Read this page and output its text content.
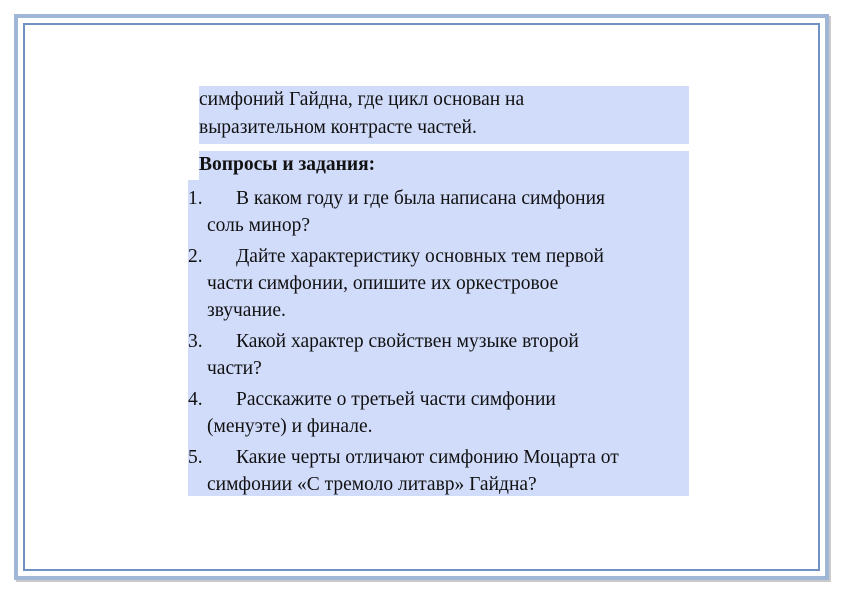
симфоний Гайдна, где цикл основан на
выразительном контрасте частей.
Вопросы и задания:
1. В каком году и где была написана симфония
соль минор?
2. Дайте характеристику основных тем первой
части симфонии, опишите их оркестровое
звучание.
3. Какой характер свойствен музыке второй
части?
4. Расскажите о третьей части симфонии
(менуэте) и финале.
5. Какие черты отличают симфонию Моцарта от
симфонии «С тремоло литавр» Гайдна?
